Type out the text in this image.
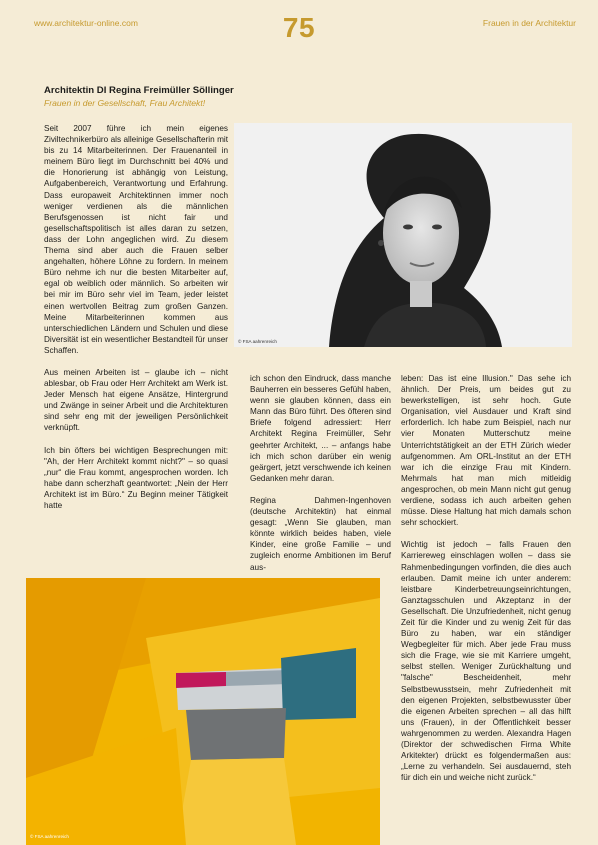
www.architektur-online.com	75	Frauen in der Architektur
Architektin DI Regina Freimüller Söllinger
Frauen in der Gesellschaft, Frau Architekt!

Seit 2007 führe ich mein eigenes Ziviltechnikerbüro als alleinige Gesellschafterin mit bis zu 14 Mitarbeiterinnen. Der Frauenanteil in meinem Büro liegt im Durchschnitt bei 40% und die Honorierung ist abhängig von Leistung, Aufgabenbereich, Verantwortung und Erfahrung. Dass europaweit Architektinnen immer noch weniger verdienen als die männlichen Berufsgenossen ist nicht fair und gesellschaftspolitisch ist alles daran zu setzen, dass der Lohn angeglichen wird. Zu diesem Thema sind aber auch die Frauen selber angehalten, höhere Löhne zu fordern. In meinem Büro nehme ich nur die besten Mitarbeiter auf, egal ob weiblich oder männlich. So arbeiten wir bei mir im Büro sehr viel im Team, jeder leistet einen wertvollen Beitrag zum großen Ganzen. Meine Mitarbeiterinnen kommen aus unterschiedlichen Ländern und Schulen und diese Diversität ist ein wesentlicher Bestandteil für unser Schaffen.

Aus meinen Arbeiten ist – glaube ich – nicht ablesbar, ob Frau oder Herr Architekt am Werk ist. Jeder Mensch hat eigene Ansätze, Hintergrund und Zwänge in seiner Arbeit und die Architekturen sind sehr eng mit der jeweiligen Persönlichkeit verknüpft.

Ich bin öfters bei wichtigen Besprechungen mit: "Ah, der Herr Architekt kommt nicht?" – so quasi „nur“ die Frau kommt, angesprochen worden. Ich habe dann scherzhaft geantwortet: „Nein der Herr Architekt ist im Büro.“ Zu Beginn meiner Tätigkeit hatte

© FSA aahrenreich

ich schon den Eindruck, dass manche Bauherren ein besseres Gefühl haben, wenn sie glauben können, dass ein Mann das Büro führt. Des öfteren sind Briefe folgend adressiert: Herr Architekt Regina Freimüller, Sehr geehrter Architekt, ... – anfangs habe ich mich schon darüber ein wenig geärgert, jetzt verschwende ich keinen Gedanken mehr daran.

Regina Dahmen-Ingenhoven (deutsche Architektin) hat einmal gesagt: „Wenn Sie glauben, man könnte wirklich beides haben, viele Kinder, eine große Familie – und zugleich enorme Ambitionen im Beruf aus-

leben: Das ist eine Illusion." Das sehe ich ähnlich. Der Preis, um beides gut zu bewerkstelligen, ist sehr hoch. Gute Organisation, viel Ausdauer und Kraft sind erforderlich. Ich habe zum Beispiel, nach nur vier Monaten Mutterschutz meine Unterrichtstätigkeit an der ETH Zürich wieder aufgenommen. Am ORL-Institut an der ETH war ich die einzige Frau mit Kindern. Mehrmals hat man mich mitleidig angesprochen, ob mein Mann nicht gut genug verdiene, sodass ich auch arbeiten gehen müsse. Diese Haltung hat mich damals schon sehr schockiert.

Wichtig ist jedoch – falls Frauen den Karriereweg einschlagen wollen – dass sie Rahmenbedingungen vorfinden, die dies auch erlauben. Damit meine ich unter anderem: leistbare Kinderbetreuungseinrichtungen, Ganztagsschulen und Akzeptanz in der Gesellschaft. Die Unzufriedenheit, nicht genug Zeit für die Kinder und zu wenig Zeit für das Büro zu haben, war ein ständiger Wegbegleiter für mich. Aber jede Frau muss sich die Frage, wie sie mit Karriere umgeht, selbst stellen. Weniger Zurückhaltung und "falsche" Bescheidenheit, mehr Selbstbewusstsein, mehr Zufriedenheit mit den eigenen Projekten, selbstbewusster über die eigenen Arbeiten sprechen – all das hilft uns (Frauen), in der Öffentlichkeit besser wahrgenommen zu werden. Alexandra Hagen (Direktor der schwedischen Firma White Arkitekter) drückt es folgendermaßen aus: „Lerne zu verhandeln. Sei ausdauernd, steh für dich ein und weiche nicht zurück.“

© FSA aahrenreich
